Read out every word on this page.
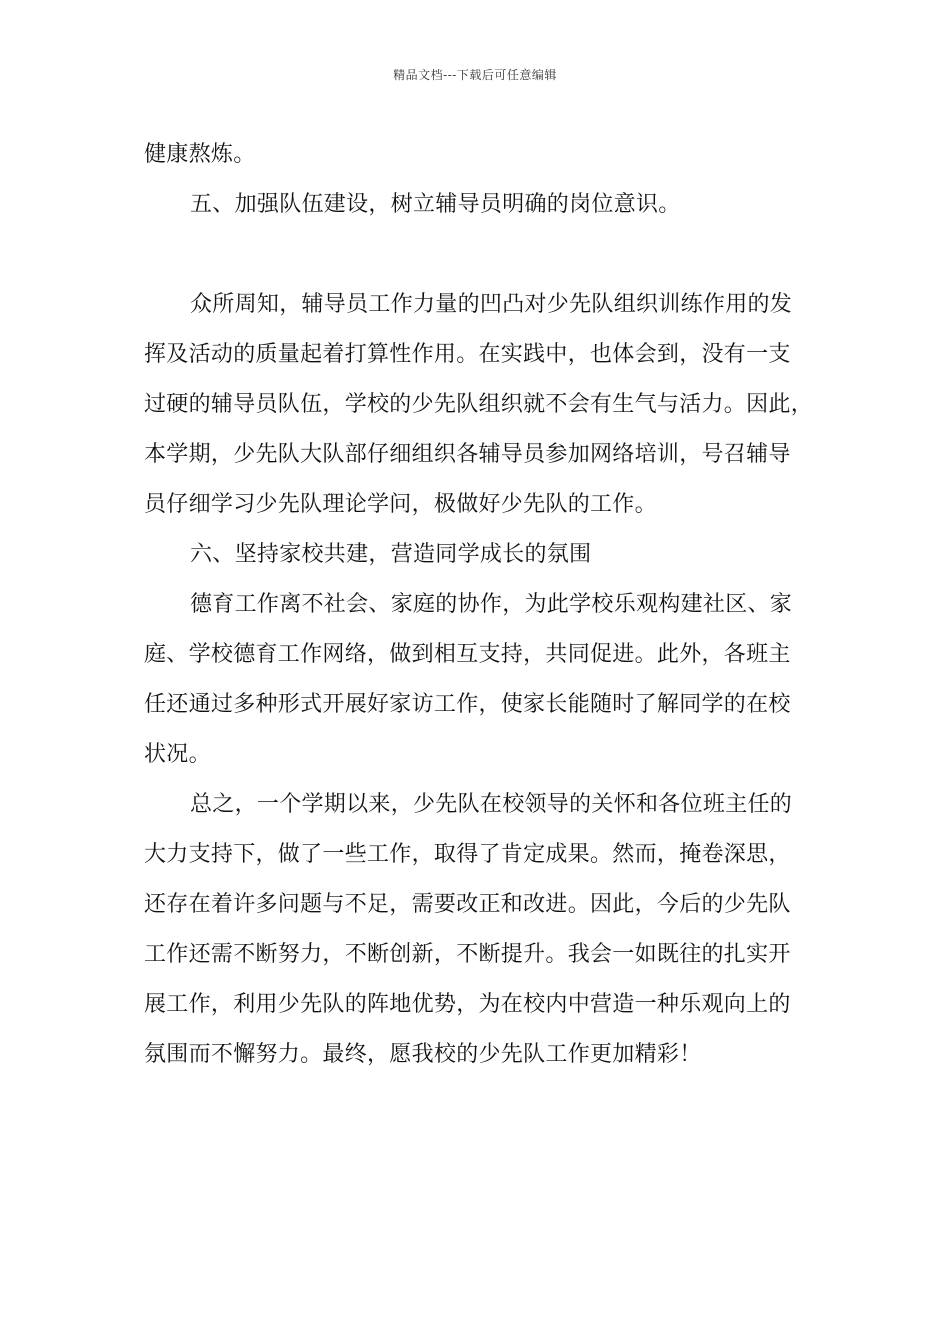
精品文档---下载后可任意编辑
健康熬炼。
五、加强队伍建设，树立辅导员明确的岗位意识。
众所周知，辅导员工作力量的凹凸对少先队组织训练作用的发
挥及活动的质量起着打算性作用。在实践中，也体会到，没有一支
过硬的辅导员队伍，学校的少先队组织就不会有生气与活力。因此，
本学期，少先队大队部仔细组织各辅导员参加网络培训，号召辅导
员仔细学习少先队理论学问，极做好少先队的工作。
六、坚持家校共建，营造同学成长的氛围
德育工作离不社会、家庭的协作，为此学校乐观构建社区、家
庭、学校德育工作网络，做到相互支持，共同促进。此外，各班主
任还通过多种形式开展好家访工作，使家长能随时了解同学的在校
状况。
总之，一个学期以来，少先队在校领导的关怀和各位班主任的
大力支持下，做了一些工作，取得了肯定成果。然而，掩卷深思，
还存在着许多问题与不足，需要改正和改进。因此，今后的少先队
工作还需不断努力，不断创新，不断提升。我会一如既往的扎实开
展工作，利用少先队的阵地优势，为在校内中营造一种乐观向上的
氛围而不懈努力。最终，愿我校的少先队工作更加精彩！
